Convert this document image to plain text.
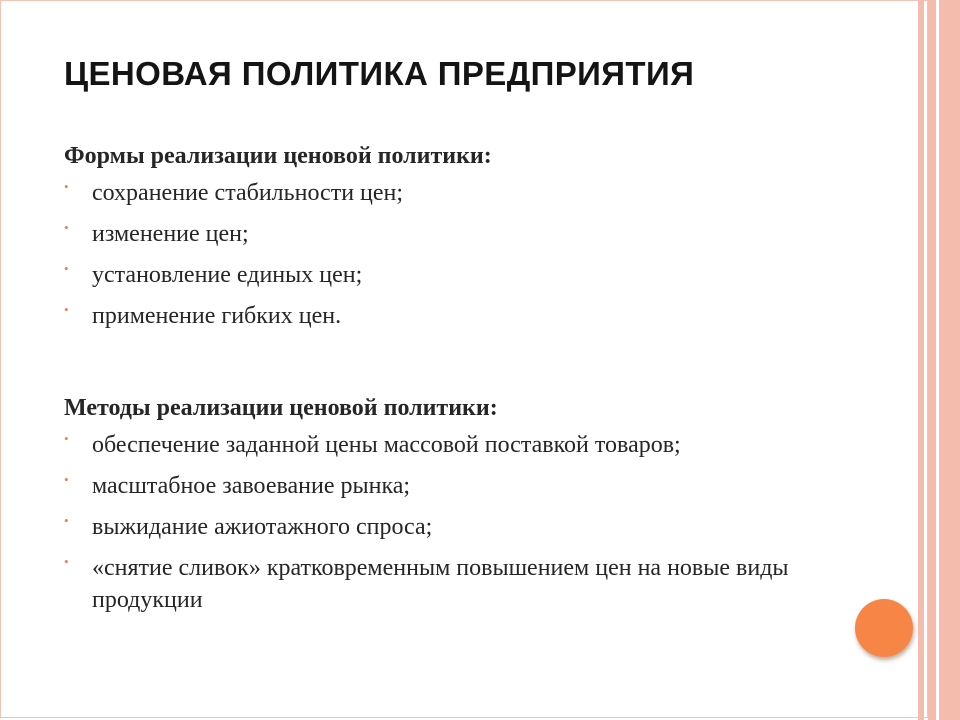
ЦЕНОВАЯ ПОЛИТИКА ПРЕДПРИЯТИЯ

Формы реализации ценовой политики:

• сохранение стабильности цен;
• изменение цен;
• установление единых цен;
• применение гибких цен.

Методы реализации ценовой политики:

• обеспечение заданной цены массовой поставкой товаров;
• масштабное завоевание рынка;
• выжидание ажиотажного спроса;
• «снятие сливок» кратковременным повышением цен на новые виды продукции
